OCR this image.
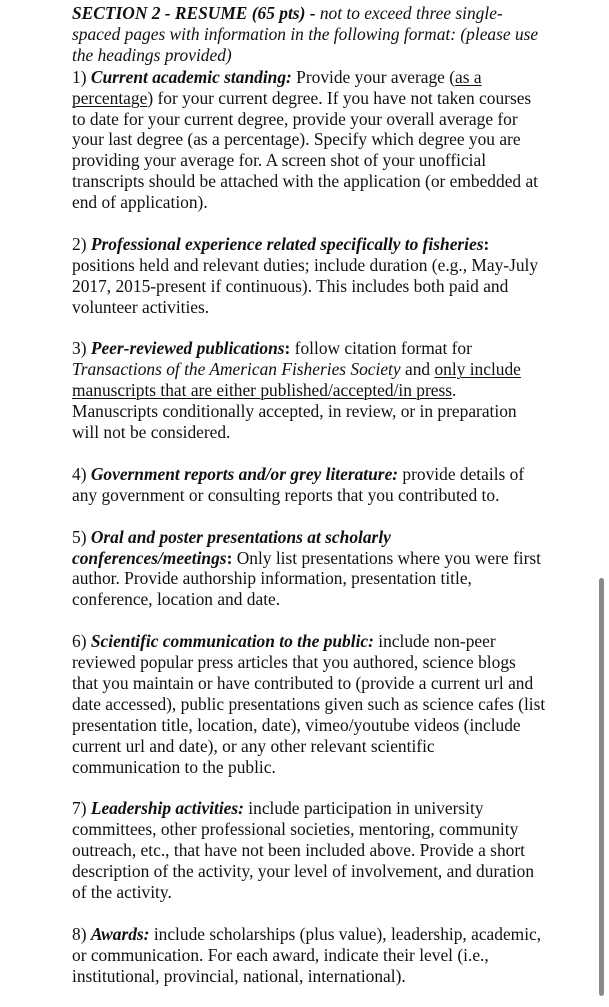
SECTION 2 - RESUME (65 pts) - not to exceed three single-spaced pages with information in the following format: (please use the headings provided)

1) Current academic standing: Provide your average (as a percentage) for your current degree. If you have not taken courses to date for your current degree, provide your overall average for your last degree (as a percentage). Specify which degree you are providing your average for. A screen shot of your unofficial transcripts should be attached with the application (or embedded at end of application).

2) Professional experience related specifically to fisheries: positions held and relevant duties; include duration (e.g., May-July 2017, 2015-present if continuous). This includes both paid and volunteer activities.

3) Peer-reviewed publications: follow citation format for Transactions of the American Fisheries Society and only include manuscripts that are either published/accepted/in press. Manuscripts conditionally accepted, in review, or in preparation will not be considered.

4) Government reports and/or grey literature: provide details of any government or consulting reports that you contributed to.

5) Oral and poster presentations at scholarly conferences/meetings: Only list presentations where you were first author. Provide authorship information, presentation title, conference, location and date.

6) Scientific communication to the public: include non-peer reviewed popular press articles that you authored, science blogs that you maintain or have contributed to (provide a current url and date accessed), public presentations given such as science cafes (list presentation title, location, date), vimeo/youtube videos (include current url and date), or any other relevant scientific communication to the public.

7) Leadership activities: include participation in university committees, other professional societies, mentoring, community outreach, etc., that have not been included above. Provide a short description of the activity, your level of involvement, and duration of the activity.

8) Awards: include scholarships (plus value), leadership, academic, or communication. For each award, indicate their level (i.e., institutional, provincial, national, international).
